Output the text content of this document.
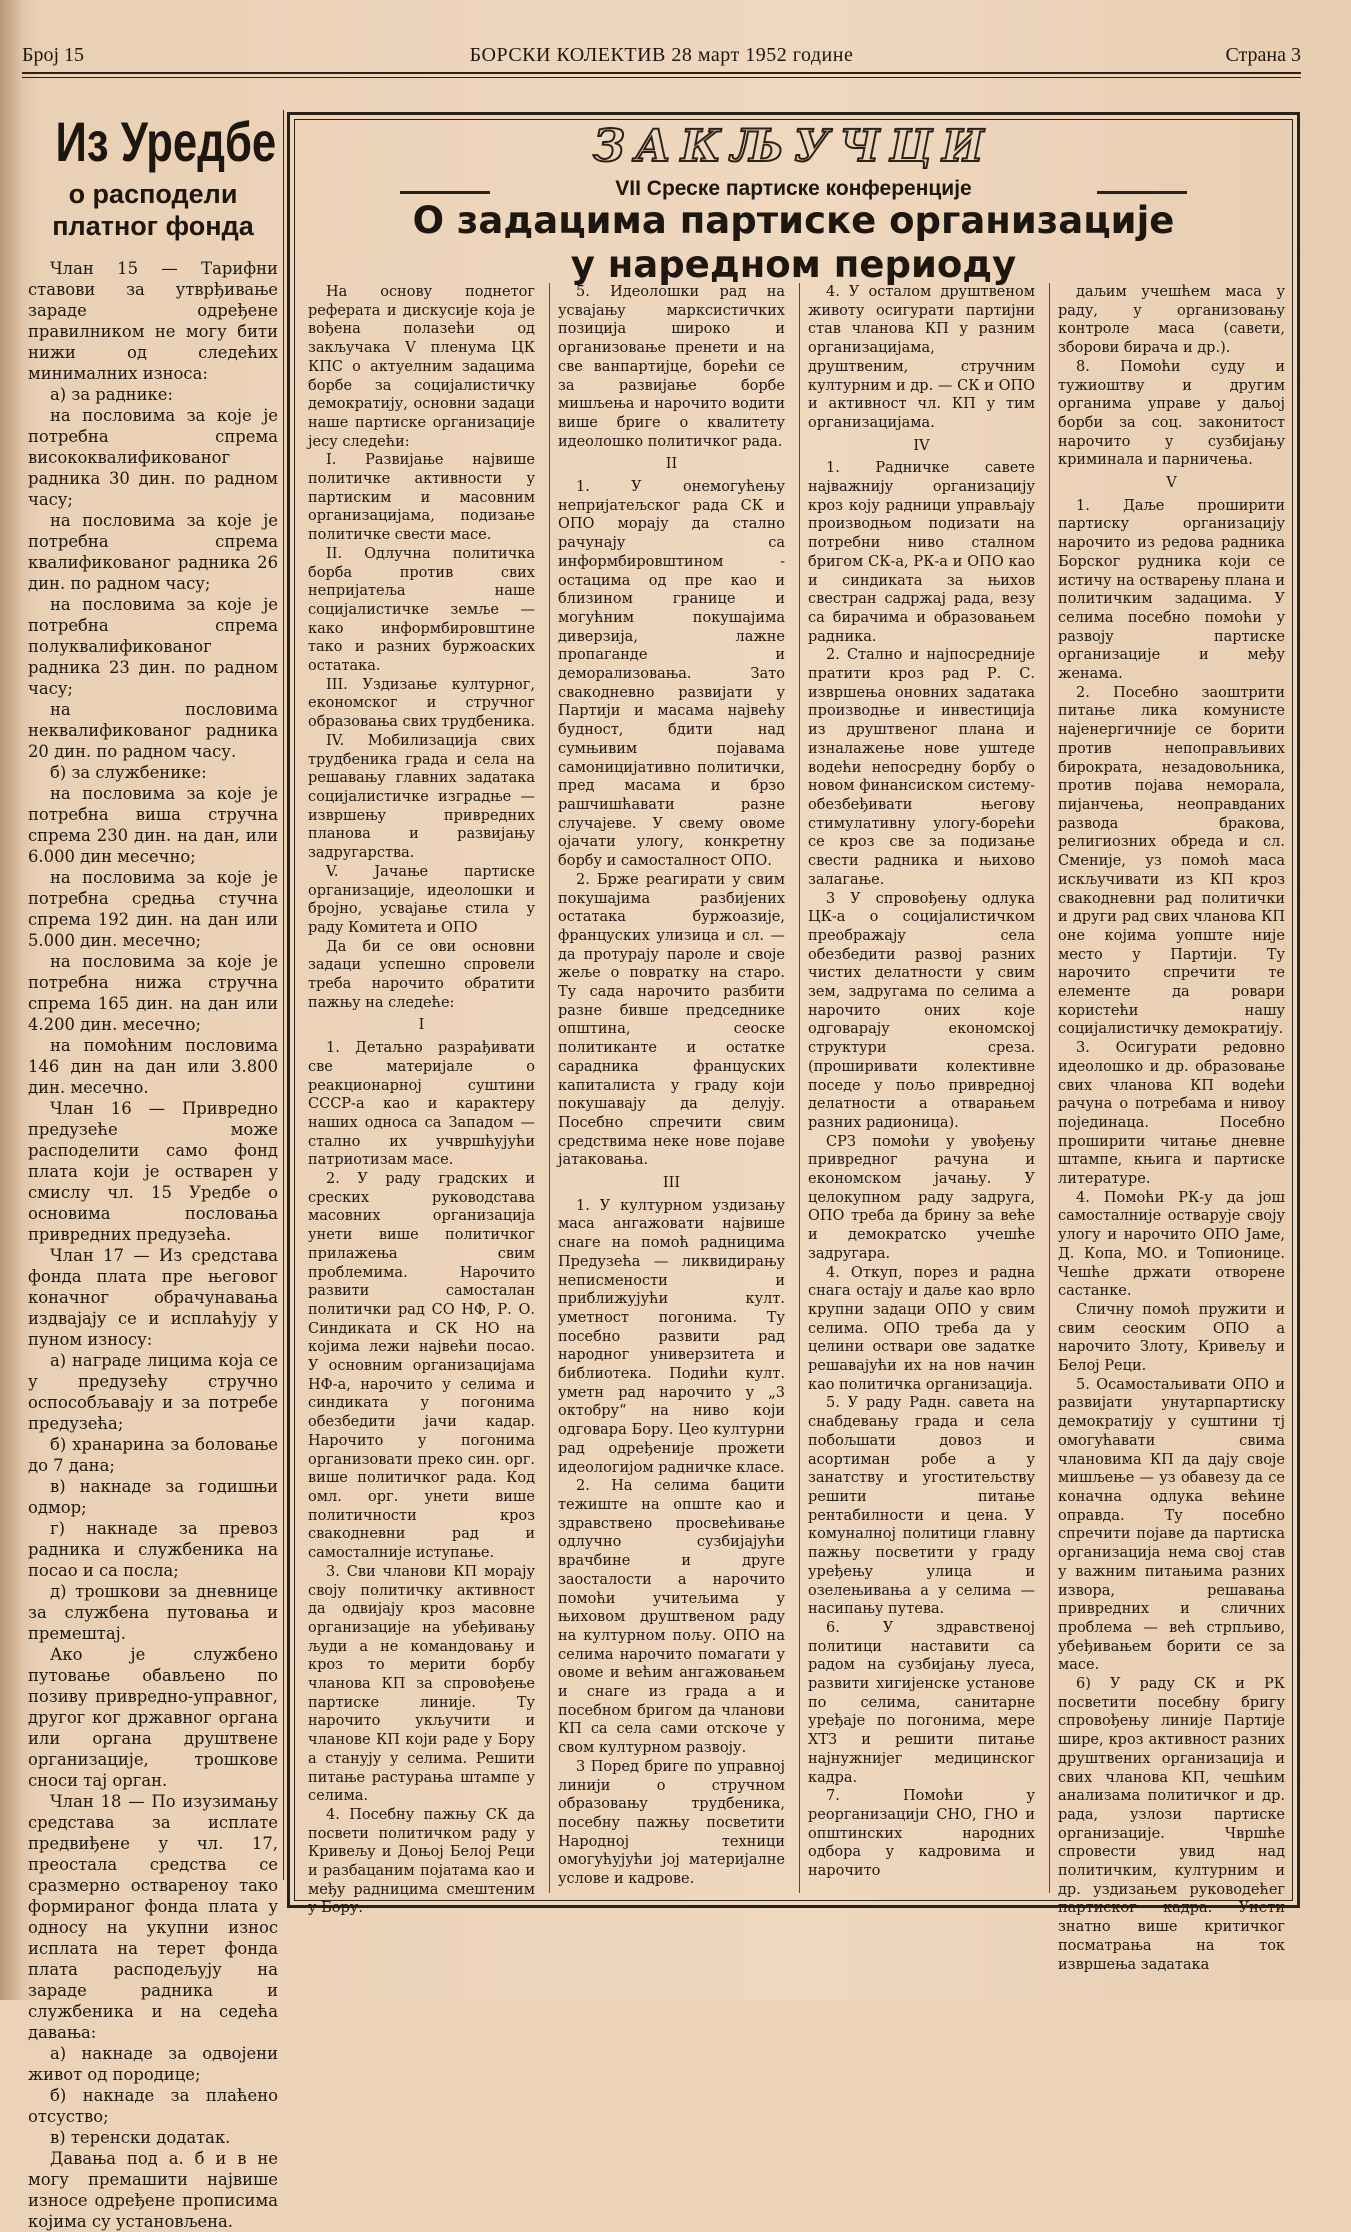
Број 15	БОРСКИ КОЛЕКТИВ 28 март 1952 године	Страна 3
Из Уредбе
о расподели платног фонда

Члан 15 — Тарифни ставови за утврђивање зараде одређене правилником не могу бити нижи од следећих минималних износа:

а) за раднике:

на пословима за које је потребна спрема висококвалификованог радника 30 дин. по радном часу;

на пословима за које је потребна спрема квалификованог радника 26 дин. по радном часу;

на пословима за које је потребна спрема полуквалификованог радника 23 дин. по радном часу;

на пословима неквалификованог радника 20 дин. по радном часу.

б) за службенике:

на пословима за које је потребна виша стручна спрема 230 дин. на дан, или 6.000 дин месечно;

на пословима за које је потребна средња стучна спрема 192 дин. на дан или 5.000 дин. месечно;

на пословима за које је потребна нижа стручна спрема 165 дин. на дан или 4.200 дин. месечно;

на помоћним пословима 146 дин на дан или 3.800 дин. месечно.

Члан 16 — Привредно предузеће може расподелити само фонд плата који је остварен у смислу чл. 15 Уредбе о основима пословања привредних предузећа.

Члан 17 — Из средстава фонда плата пре његовог коначног обрачунавања издвајају се и исплаћују у пуном износу:

а) награде лицима која се у предузећу стручно оспособљавају и за потребе предузећа;

б) хранарина за боловање до 7 дана;

в) накнаде за годишњи одмор;

г) накнаде за превоз радника и службеника на посао и са посла;

д) трошкови за дневнице за службена путовања и премештај.

Ако је службено путовање обављено по позиву привредно-управног, другог ког државног органа или органа друштвене организације, трошкове сноси тај орган.

Члан 18 — По изузимању средстава за исплате предвиђене у чл. 17, преостала средства се сразмерно оствареноу тако формираног фонда плата у односу на укупни износ исплата на терет фонда плата расподељују на зараде радника и службеника и на седећа давања:

а) накнаде за одвојени живот од породице;

б) накнаде за плаћено отсуство;

в) теренски додатак.

Давања под а. б и в не могу премашити највише износе одређене прописима којима су установљена.

ЗАКЉУЧЦИ
VII Среске партиске конференције
О задацима партиске организације
у наредном периоду

На основу поднетог реферата и дискусије која је вођена полазећи од закључака V пленума ЦК КПС о актуелним задацима борбе за социјалистичку демократију, основни задаци наше партиске организације јесу следећи:

I. Развијање највише политичке активности у партиским и масовним организацијама, подизање политичке свести масе.

II. Одлучна политичка борба против свих непријатеља наше социјалистичке земље — како информбировштине тако и разних буржоаских остатака.

III. Уздизање културног, економског и стручног образовања свих трудбеника.

IV. Мобилизација свих трудбеника града и села на решавању главних задатака социјалистичке изградње — извршењу привредних планова и развијању задругарства.

V. Јачање партиске организације, идеолошки и бројно, усвајање стила у раду Комитета и ОПО

Да би се ови основни задаци успешно спровели треба нарочито обратити пажњу на следеће:

I

1. Детаљно разрађивати све материјале о реакционарној суштини СССР-а као и карактеру наших односа са Западом — стално их учвршћујући патриотизам масе.

2. У раду градских и среских руководстава масовних организација унети више политичког прилажења свим проблемима. Нарочито развити самосталан политички рад СО НФ, Р. О. Синдиката и СК НО на којима лежи највећи посао. У основним организацијама НФ-а, нарочито у селима и синдиката у погонима обезбедити јачи кадар. Нарочито у погонима организовати преко син. орг. више политичког рада. Код омл. орг. унети више политичности кроз свакодневни рад и самосталније иступање.

3. Сви чланови КП морају своју политичку активност да одвијају кроз масовне организације на убеђивању људи а не командовању и кроз то мерити борбу чланова КП за спровођење партиске линије. Ту нарочито укључити и чланове КП који раде у Бору а станују у селима. Решити питање растурања штампе у селима.

4. Посебну пажњу СК да посвети политичком раду у Кривељу и Доњој Белој Реци и разбацаним појатама као и међу радницима смештеним у Бору.

5. Идеолошки рад на усвајању марксистичких позиција широко и организовање пренети и на све ванпартијце, борећи се за развијање борбе мишљења и нарочито водити више бриге о квалитету идеолошко политичког рада.

II

1. У онемогућењу непријатељског рада СК и ОПО морају да стално рачунају са информбировштином - остацима од пре као и близином границе и могућним покушајима диверзија, лажне пропаганде и деморализовања. Зато свакодневно развијати у Партији и масама највећу будност, бдити над сумњивим појавама самоницијативно политички, пред масама и брзо рашчишћавати разне случајеве. У свему овоме ојачати улогу, конкретну борбу и самосталност ОПО.

2. Брже реагирати у свим покушајима разбијених остатака буржоазије, француских улизица и сл. — да протурају пароле и своје жеље о повратку на старо. Ту сада нарочито разбити разне бивше председнике општина, сеоске политиканте и остатке сарадника француских капиталиста у граду који покушавају да делују. Посебно спречити свим средствима неке нове појаве јатаковања.

III

1. У културном уздизању маса ангажовати највише снаге на помоћ радницима Предузећа — ликвидирању неписмености и приближујући култ. уметност погонима. Ту посебно развити рад народног универзитета и библиотека. Подићи култ. уметн рад нарочито у „3 октобру“ на ниво који одговара Бору. Цео културни рад одређеније прожети идеологијом радничке класе.

2. На селима бацити тежиште на опште као и здравствено просвећивање одлучно сузбијајући врачбине и друге заосталости а нарочито помоћи учитељима у њиховом друштвеном раду на културном пољу. ОПО на селима нарочито помагати у овоме и већим ангажовањем и снаге из града а и посебном бригом да чланови КП са села сами отскоче у свом културном развоју.

3 Поред бриге по управној линији о стручном образовању трудбеника, посебну пажњу посветити Народној техници омогућујући јој материјалне услове и кадрове.

4. У осталом друштвеном животу осигурати партијни став чланова КП у разним организацијама, друштвеним, стручним културним и др. — СК и ОПО и активност чл. КП у тим организацијама.

IV

1. Радничке савете најважнију организацију кроз коју радници управљају производњом подизати на потребни ниво сталном бригом СК-а, РК-а и ОПО као и синдиката за њихов свестран садржај рада, везу са бирачима и образовањем радника.

2. Стално и најпосредније пратити кроз рад Р. С. извршења оновних задатака производње и инвестиција из друштвеног плана и изналажење нове уштеде водећи непосредну борбу о новом финансиском систему-обезбеђивати његову стимулативну улогу-борећи се кроз све за подизање свести радника и њихово залагање.

3 У спровођењу одлука ЦК-а о социјалистичком преображају села обезбедити развој разних чистих делатности у свим зем, задругама по селима а нарочито оних које одговарају економској структури среза. (проширивати колективне поседе у пољо привредној делатности а отварањем разних радионица).

СРЗ помоћи у увођењу привредног рачуна и економском јачању. У целокупном раду задруга, ОПО треба да брину за веће и демократско учешће задругара.

4. Откуп, порез и радна снага остају и даље као врло крупни задаци ОПО у свим селима. ОПО треба да у целини оствари ове задатке решавајући их на нов начин као политичка организација.

5. У раду Радн. савета на снабдевању града и села побољшати довоз и асортиман робе а у занатству и угоститељству решити питање рентабилности и цена. У комуналној политици главну пажњу посветити у граду уређењу улица и озелењивања а у селима — насипању путева.

6. У здравственој политици наставити са радом на сузбијању луеса, развити хигијенске установе по селима, санитарне уређаје по погонима, мере ХТЗ и решити питање најнужнијег медицинског кадра.

7. Помоћи у реорганизацији СНО, ГНО и општинских народних одбора у кадровима и нарочито

даљим учешћем маса у раду, у организовању контроле маса (савети, зборови бирача и др.).

8. Помоћи суду и тужиоштву и другим органима управе у даљој борби за соц. законитост нарочито у сузбијању криминала и парничења.

V

1. Даље проширити партиску организацију нарочито из редова радника Борског рудника који се истичу на остварењу плана и политичким задацима. У селима посебно помоћи у развоју партиске организације и међу женама.

2. Посебно заоштрити питање лика комунисте најенергичније се борити против непоправљивих бирократа, незадовољника, против појава неморала, пијанчења, неоправданих развода бракова, религиозних обреда и сл. Сменије, уз помоћ маса искључивати из КП кроз свакодневни рад политички и други рад свих чланова КП оне којима уопште није место у Партији. Ту нарочито спречити те елементе да ровари користећи нашу социјалистичку демократију.

3. Осигурати редовно идеолошко и др. образовање свих чланова КП водећи рачуна о потребама и нивоу појединаца. Посебно проширити читање дневне штампе, књига и партиске литературе.

4. Помоћи РК-у да још самосталније остварује своју улогу и нарочито ОПО Јаме, Д. Копа, МО. и Топионице. Чешће држати отворене састанке.

Сличну помоћ пружити и свим сеоским ОПО а нарочито Злоту, Кривељу и Белој Реци.

5. Осамостаљивати ОПО и развијати унутарпартиску демократију у суштини тј омогућавати свима члановима КП да дају своје мишљење — уз обавезу да се коначна одлука већине оправда. Ту посебно спречити појаве да партиска организација нема свој став у важним питањима разних извора, решавања привредних и сличних проблема — већ стрпљиво, убеђивањем борити се за масе.

6) У раду СК и РК посветити посебну бригу спровођењу линије Партије шире, кроз активност разних друштвених организација и свих чланова КП, чешћим анализама политичког и др. рада, узлози партиске организације. Чвршће спровести увид над политичким, културним и др. уздизањем руководећег партиског кадра. Унети знатно више критичког посматрања на ток извршења задатака
